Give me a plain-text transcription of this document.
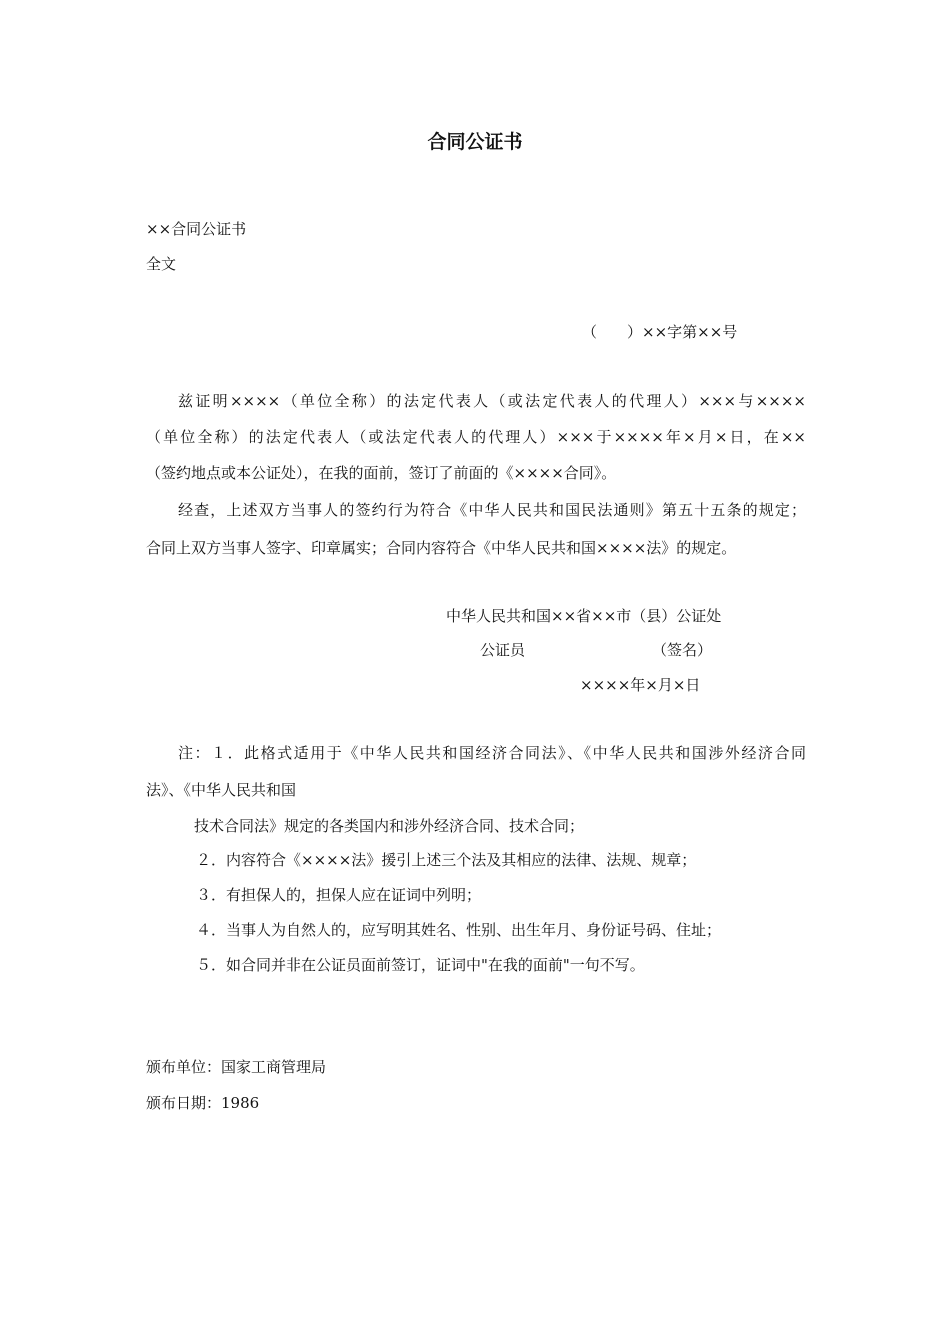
合同公证书
××合同公证书
全文
（　　）××字第××号
兹证明××××（单位全称）的法定代表人（或法定代表人的代理人）×××与××××
（单位全称）的法定代表人（或法定代表人的代理人）×××于××××年×月×日，在××
（签约地点或本公证处），在我的面前，签订了前面的《××××合同》。
经查，上述双方当事人的签约行为符合《中华人民共和国民法通则》第五十五条的规定；
合同上双方当事人签字、印章属实；合同内容符合《中华人民共和国××××法》的规定。
中华人民共和国××省××市（县）公证处
公证员	（签名）
××××年×月×日
注：１．此格式适用于《中华人民共和国经济合同法》、《中华人民共和国涉外经济合同
法》、《中华人民共和国
技术合同法》规定的各类国内和涉外经济合同、技术合同；
２．内容符合《××××法》援引上述三个法及其相应的法律、法规、规章；
３．有担保人的，担保人应在证词中列明；
４．当事人为自然人的，应写明其姓名、性别、出生年月、身份证号码、住址；
５．如合同并非在公证员面前签订，证词中"在我的面前"一句不写。
颁布单位：国家工商管理局
颁布日期：1986
